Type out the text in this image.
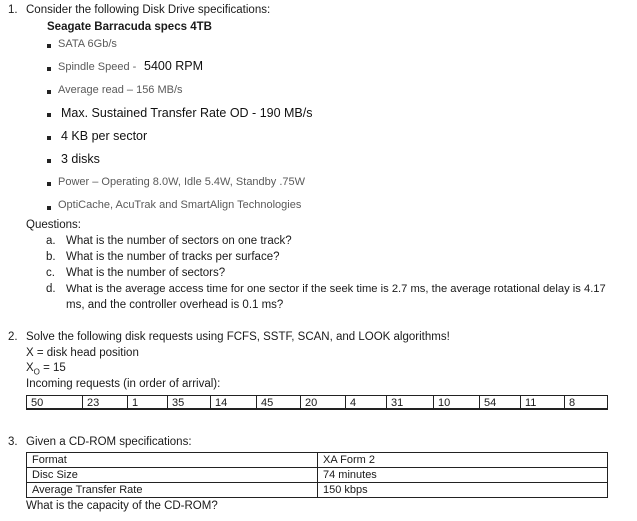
1. Consider the following Disk Drive specifications:
Seagate Barracuda specs 4TB
SATA 6Gb/s
Spindle Speed - 5400 RPM
Average read – 156 MB/s
Max. Sustained Transfer Rate OD - 190 MB/s
4 KB per sector
3 disks
Power – Operating 8.0W, Idle 5.4W, Standby .75W
OptiCache, AcuTrak and SmartAlign Technologies
Questions:
a. What is the number of sectors on one track?
b. What is the number of tracks per surface?
c. What is the number of sectors?
d. What is the average access time for one sector if the seek time is 2.7 ms, the average rotational delay is 4.17
ms, and the controller overhead is 0.1 ms?
2. Solve the following disk requests using FCFS, SSTF, SCAN, and LOOK algorithms!
X = disk head position
$X_O = 15$
Incoming requests (in order of arrival):
50	23	1	35	14	45	20	4	31	10	54	11	8
3. Given a CD-ROM specifications:
Format	XA Form 2
Disc Size	74 minutes
Average Transfer Rate	150 kbps
What is the capacity of the CD-ROM?
